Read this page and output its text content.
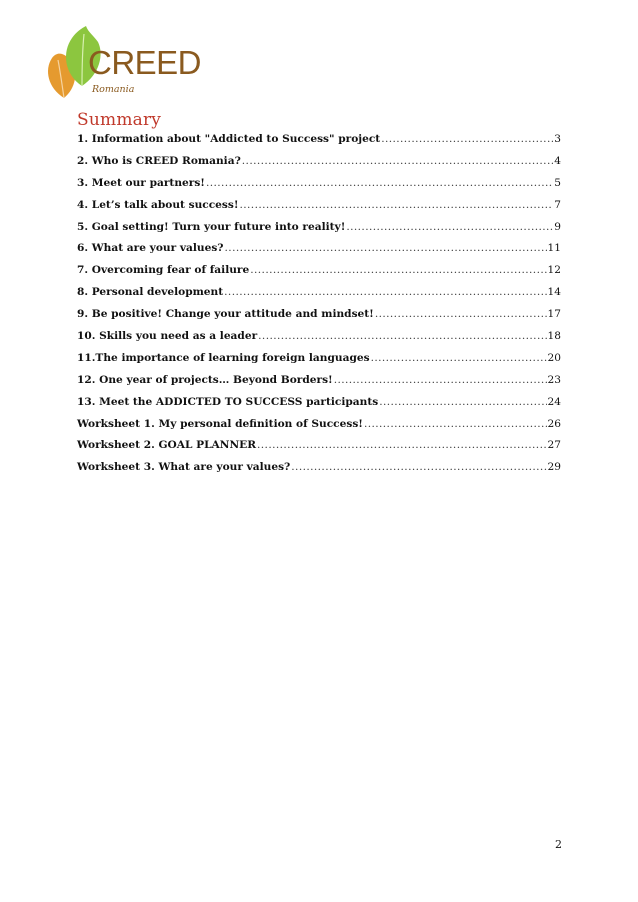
CREED
Romania
Summary
1. Information about "Addicted to Success" project .....	3
2. Who is CREED Romania? .....	4
3. Meet our partners! .....	5
4. Let’s talk about success! .....	7
5. Goal setting! Turn your future into reality! .....	9
6. What are your values? .....	11
7. Overcoming fear of failure .....	12
8. Personal development .....	14
9. Be positive! Change your attitude and mindset! .....	17
10. Skills you need as a leader .....	18
11.The importance of learning foreign languages .....	20
12. One year of projects… Beyond Borders! .....	23
13. Meet the ADDICTED TO SUCCESS participants .....	24
Worksheet 1. My personal definition of Success! .....	26
Worksheet 2. GOAL PLANNER .....	27
Worksheet 3. What are your values? .....	29
2
